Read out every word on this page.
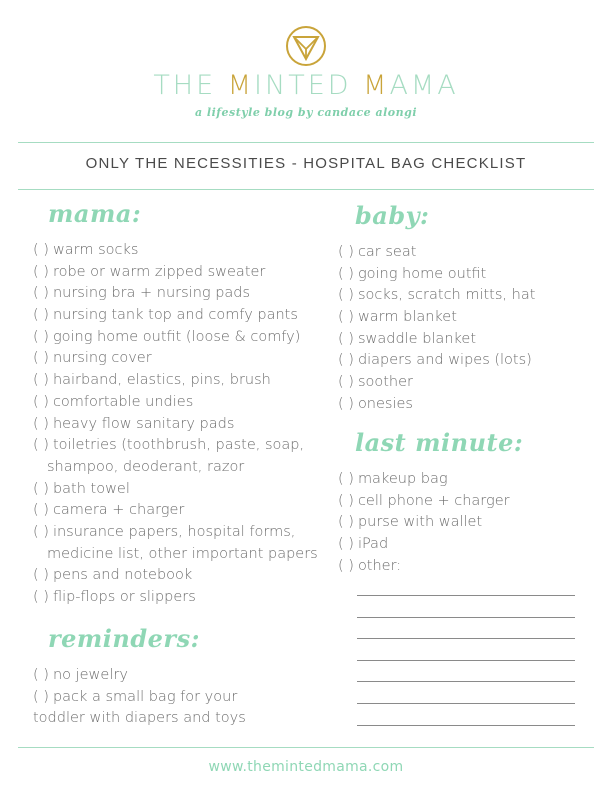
THE MINTED MAMA
a lifestyle blog by candace alongi
ONLY THE NECESSITIES - HOSPITAL BAG CHECKLIST
mama:
( ) warm socks
( ) robe or warm zipped sweater
( ) nursing bra + nursing pads
( ) nursing tank top and comfy pants
( ) going home outfit (loose & comfy)
( ) nursing cover
( ) hairband, elastics, pins, brush
( ) comfortable undies
( ) heavy flow sanitary pads
( ) toiletries (toothbrush, paste, soap,
shampoo, deoderant, razor
( ) bath towel
( ) camera + charger
( ) insurance papers, hospital forms,
medicine list, other important papers
( ) pens and notebook
( ) flip-flops or slippers
reminders:
( ) no jewelry
( ) pack a small bag for your
toddler with diapers and toys
baby:
( ) car seat
( ) going home outfit
( ) socks, scratch mitts, hat
( ) warm blanket
( ) swaddle blanket
( ) diapers and wipes (lots)
( ) soother
( ) onesies
last minute:
( ) makeup bag
( ) cell phone + charger
( ) purse with wallet
( ) iPad
( ) other:
www.themintedmama.com
